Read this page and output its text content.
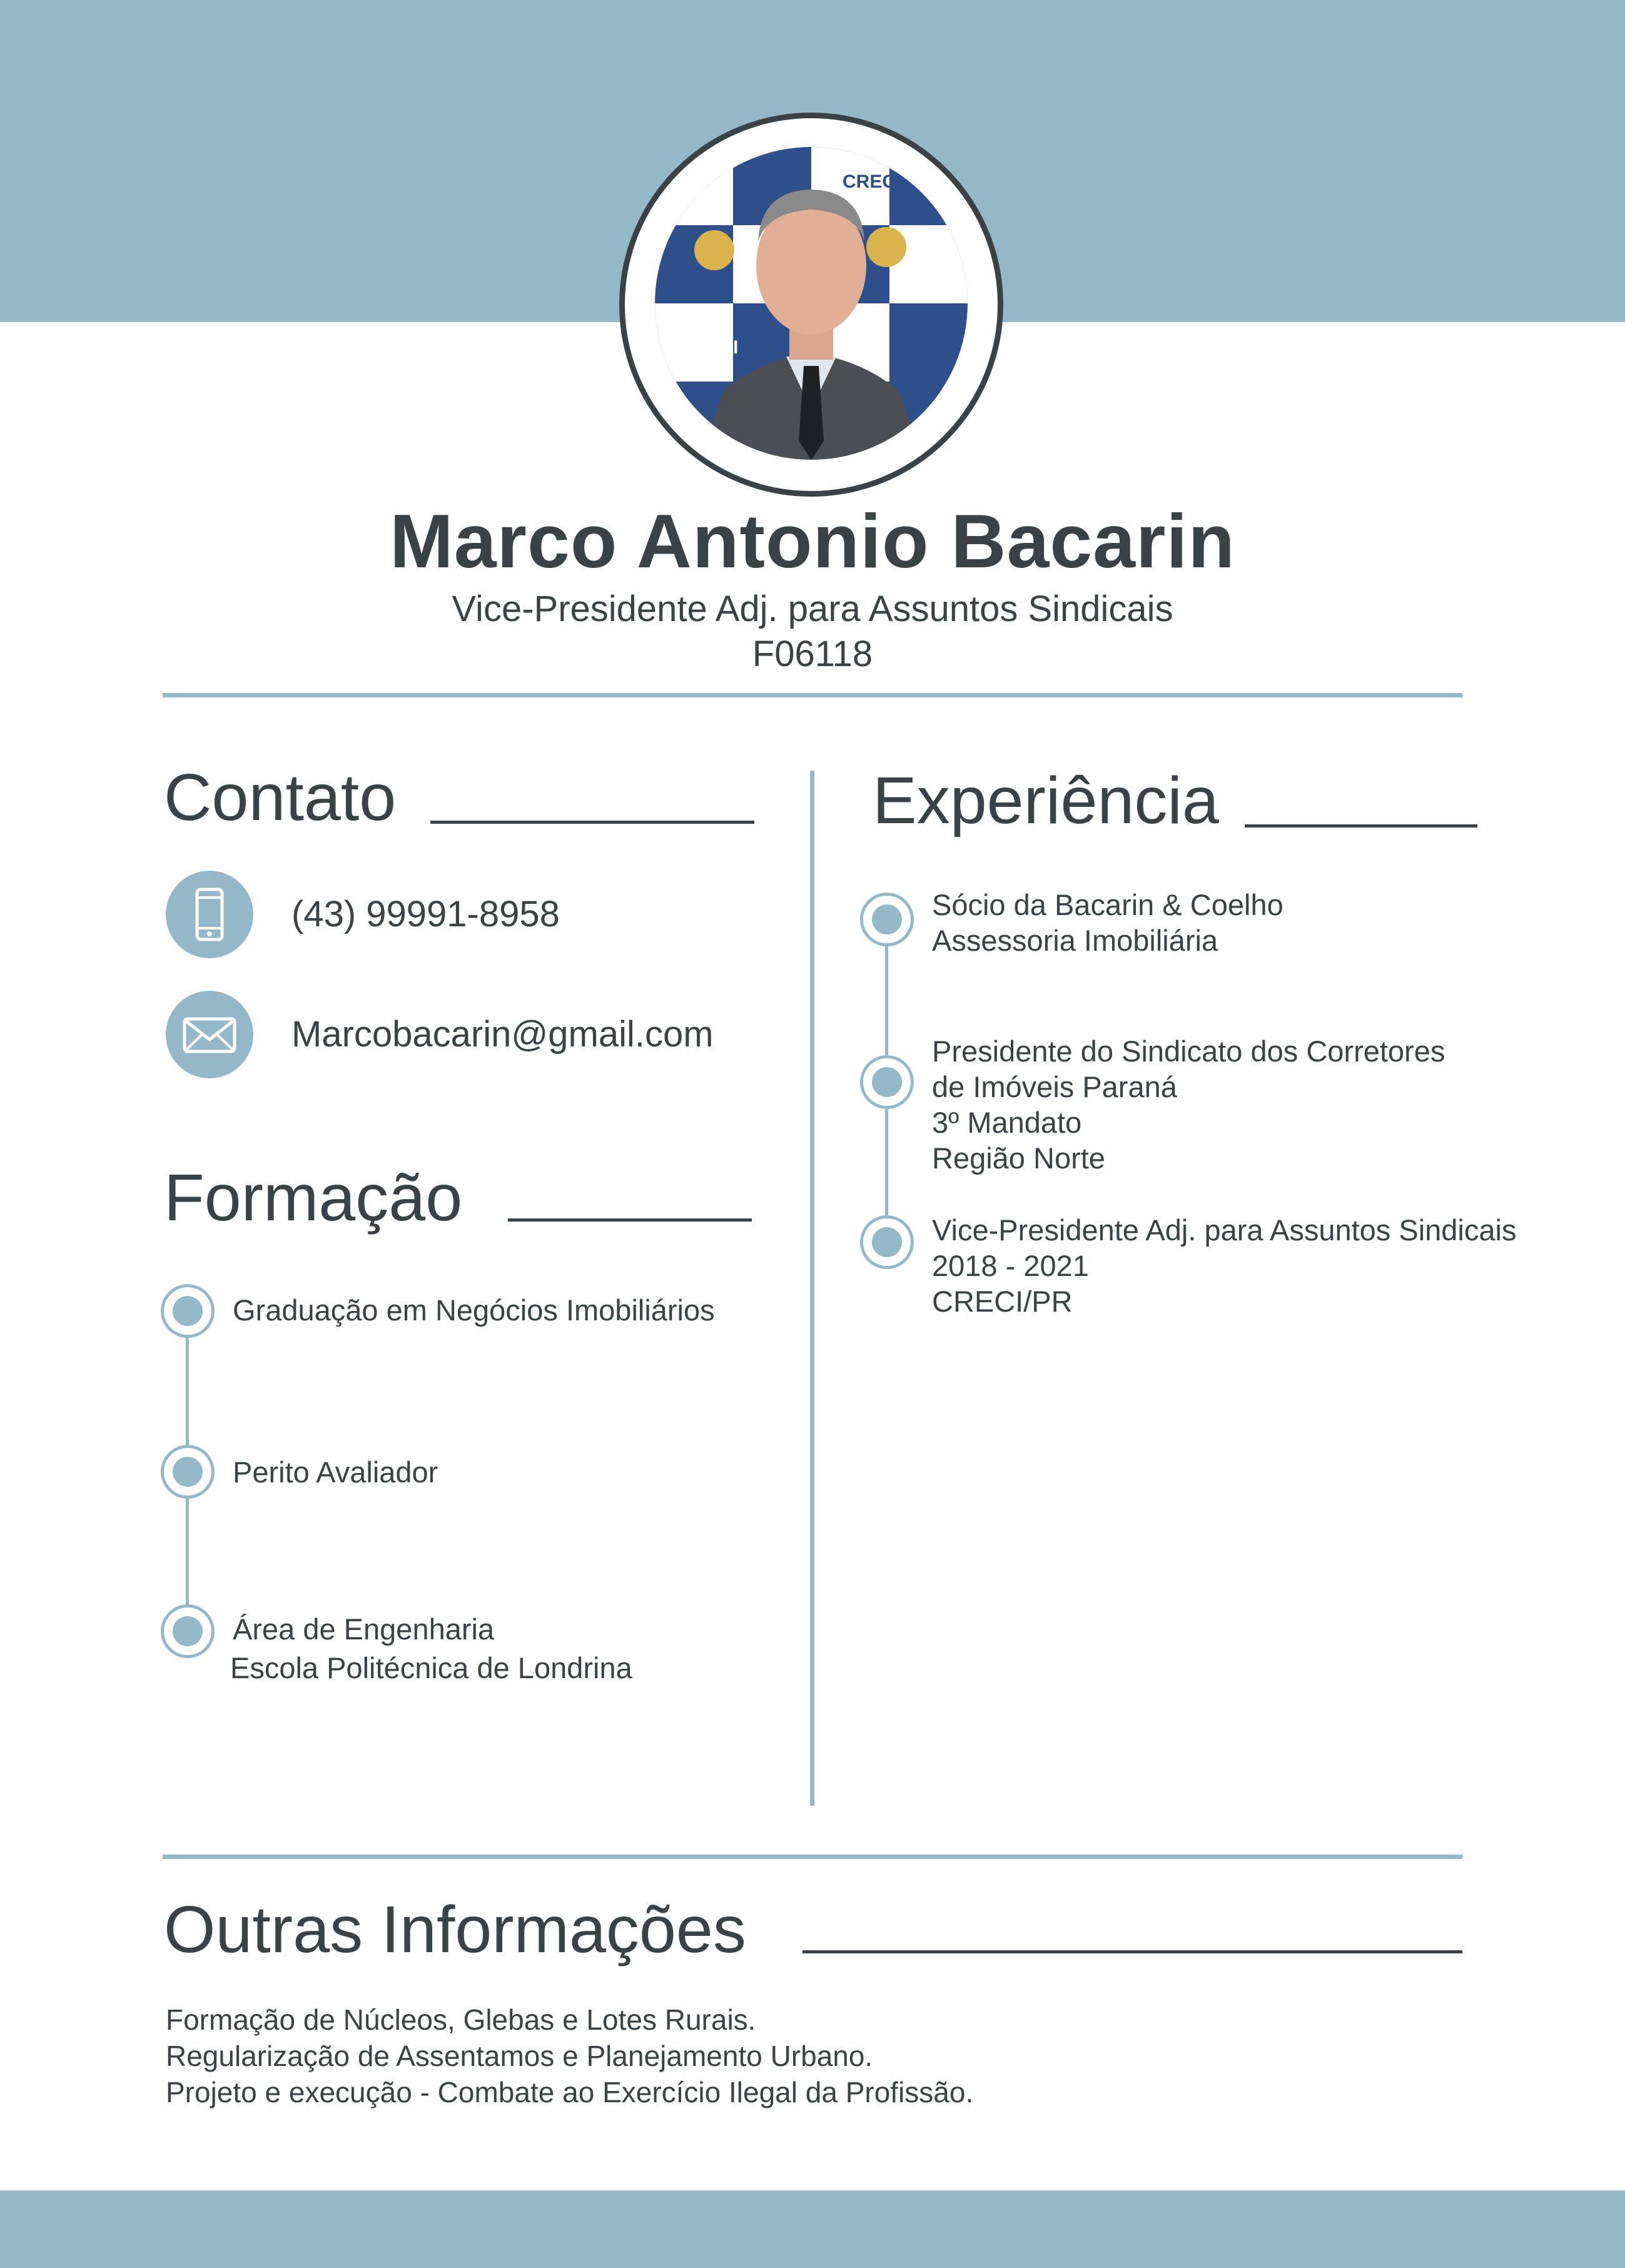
CRECI
CRECI
Marco Antonio Bacarin
Vice-Presidente Adj. para Assuntos Sindicais
F06118
Contato
(43) 99991-8958
Marcobacarin@gmail.com
Formação
Graduação em Negócios Imobiliários
Perito Avaliador
Área de Engenharia
Escola Politécnica de Londrina
Experiência
Sócio da Bacarin & Coelho
Assessoria Imobiliária
Presidente do Sindicato dos Corretores
de Imóveis Paraná
3º Mandato
Região Norte
Vice-Presidente Adj. para Assuntos Sindicais
2018 - 2021
CRECI/PR
Outras Informações
Formação de Núcleos, Glebas e Lotes Rurais.
Regularização de Assentamos e Planejamento Urbano.
Projeto e execução - Combate ao Exercício Ilegal da Profissão.
